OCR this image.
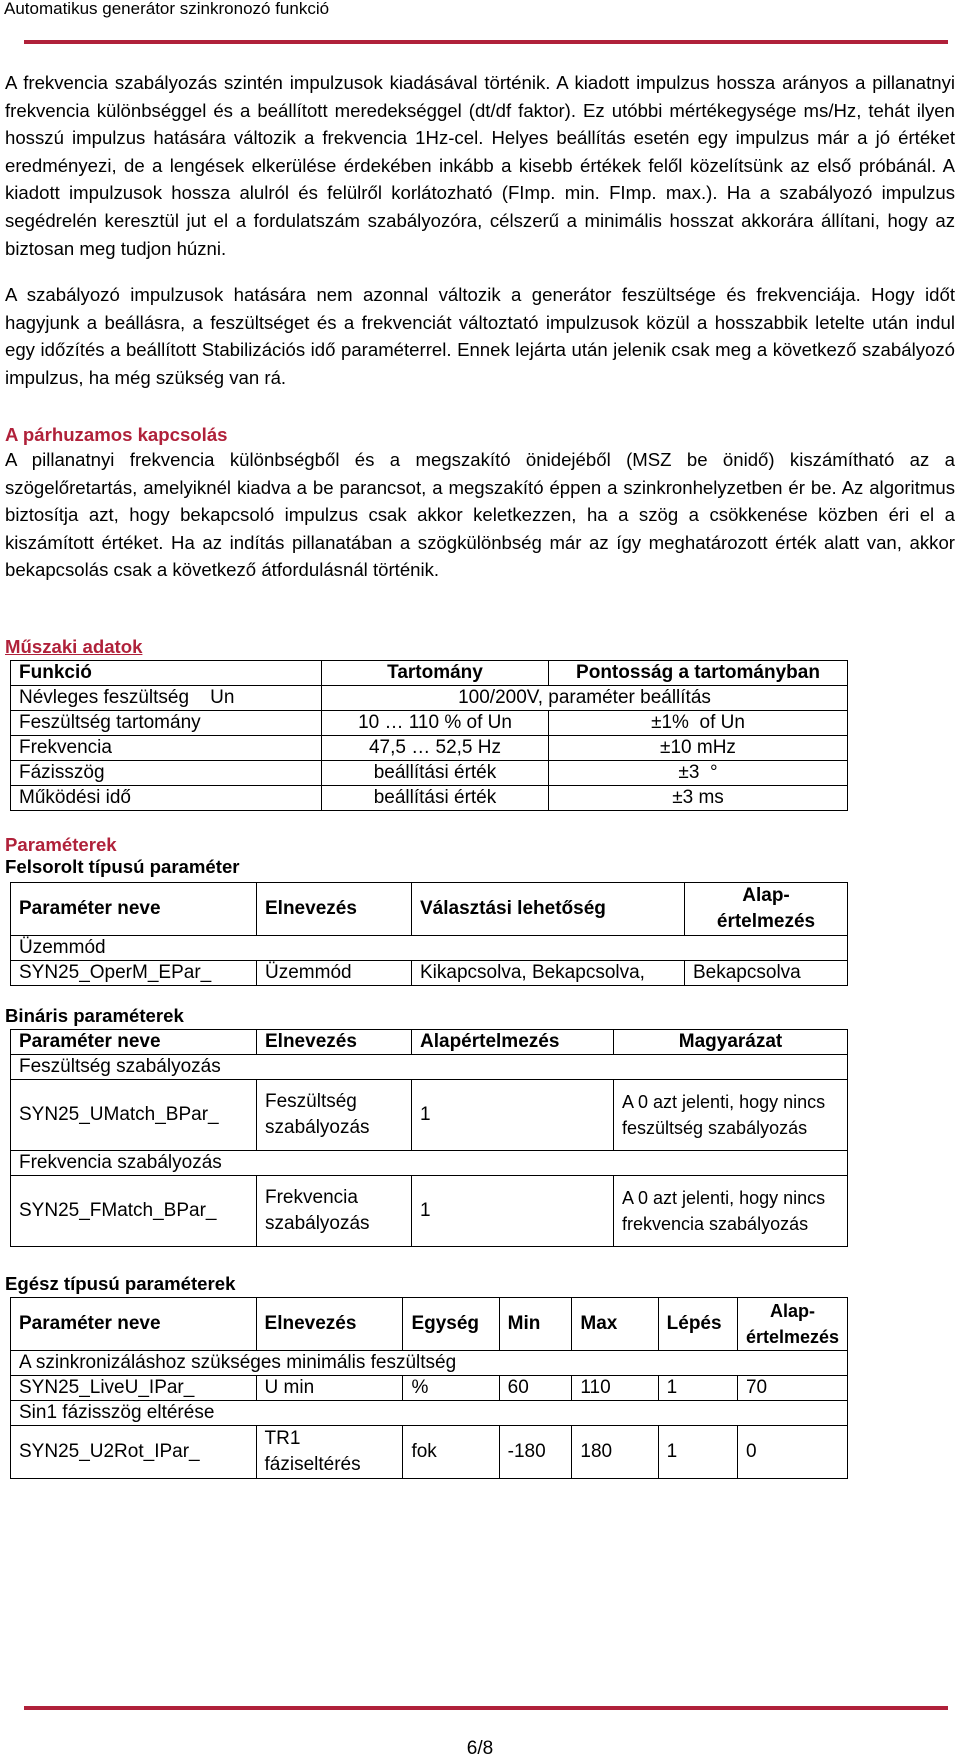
Automatikus generátor szinkronozó funkció

A frekvencia szabályozás szintén impulzusok kiadásával történik. A kiadott impulzus hossza arányos a pillanatnyi frekvencia különbséggel és a beállított meredekséggel (dt/df faktor). Ez utóbbi mértékegysége ms/Hz, tehát ilyen hosszú impulzus hatására változik a frekvencia 1Hz-cel. Helyes beállítás esetén egy impulzus már a jó értéket eredményezi, de a lengések elkerülése érdekében inkább a kisebb értékek felől közelítsünk az első próbánál. A kiadott impulzusok hossza alulról és felülről korlátozható (FImp. min. FImp. max.). Ha a szabályozó impulzus segédrelén keresztül jut el a fordulatszám szabályozóra, célszerű a minimális hosszat akkorára állítani, hogy az biztosan meg tudjon húzni.

A szabályozó impulzusok hatására nem azonnal változik a generátor feszültsége és frekvenciája. Hogy időt hagyjunk a beállásra, a feszültséget és a frekvenciát változtató impulzusok közül a hosszabbik letelte után indul egy időzítés a beállított Stabilizációs idő paraméterrel. Ennek lejárta után jelenik csak meg a következő szabályozó impulzus, ha még szükség van rá.

A párhuzamos kapcsolás

A pillanatnyi frekvencia különbségből és a megszakító önidejéből (MSZ be önidő) kiszámítható az a szögelőretartás, amelyiknél kiadva a be parancsot, a megszakító éppen a szinkronhelyzetben ér be. Az algoritmus biztosítja azt, hogy bekapcsoló impulzus csak akkor keletkezzen, ha a szög a csökkenése közben éri el a kiszámított értéket. Ha az indítás pillanatában a szögkülönbség már az így meghatározott érték alatt van, akkor bekapcsolás csak a következő átfordulásnál történik.

Műszaki adatok
Funkció	Tartomány	Pontosság a tartományban
Névleges feszültség    Un	100/200V, paraméter beállítás	
Feszültség tartomány	10 … 110 % of Un	±1%  of Un
Frekvencia	47,5 … 52,5 Hz	±10 mHz
Fázisszög	beállítási érték	±3  °
Működési idő	beállítási érték	±3 ms

Paraméterek

Felsorolt típusú paraméter

Paraméter neve	Elnevezés	Választási lehetőség	Alap-
értelmezés
Üzemmód			
SYN25_OperM_EPar_	Üzemmód	Kikapcsolva, Bekapcsolva,	Bekapcsolva

Bináris paraméterek

Paraméter neve	Elnevezés	Alapértelmezés	Magyarázat
Feszültség szabályozás			
SYN25_UMatch_BPar_	Feszültség szabályozás	1	A 0 azt jelenti, hogy nincs feszültség szabályozás
Frekvencia szabályozás			
SYN25_FMatch_BPar_	Frekvencia szabályozás	1	A 0 azt jelenti, hogy nincs frekvencia szabályozás

Egész típusú paraméterek

Paraméter neve	Elnevezés	Egység	Min	Max	Lépés	Alap-
értelmezés
A szinkronizáláshoz szükséges minimális feszültség						
SYN25_LiveU_IPar_	U min	%	60	110	1	70
Sin1 fázisszög eltérése						
SYN25_U2Rot_IPar_	TR1 fáziseltérés	fok	-180	180	1	0
6/8
